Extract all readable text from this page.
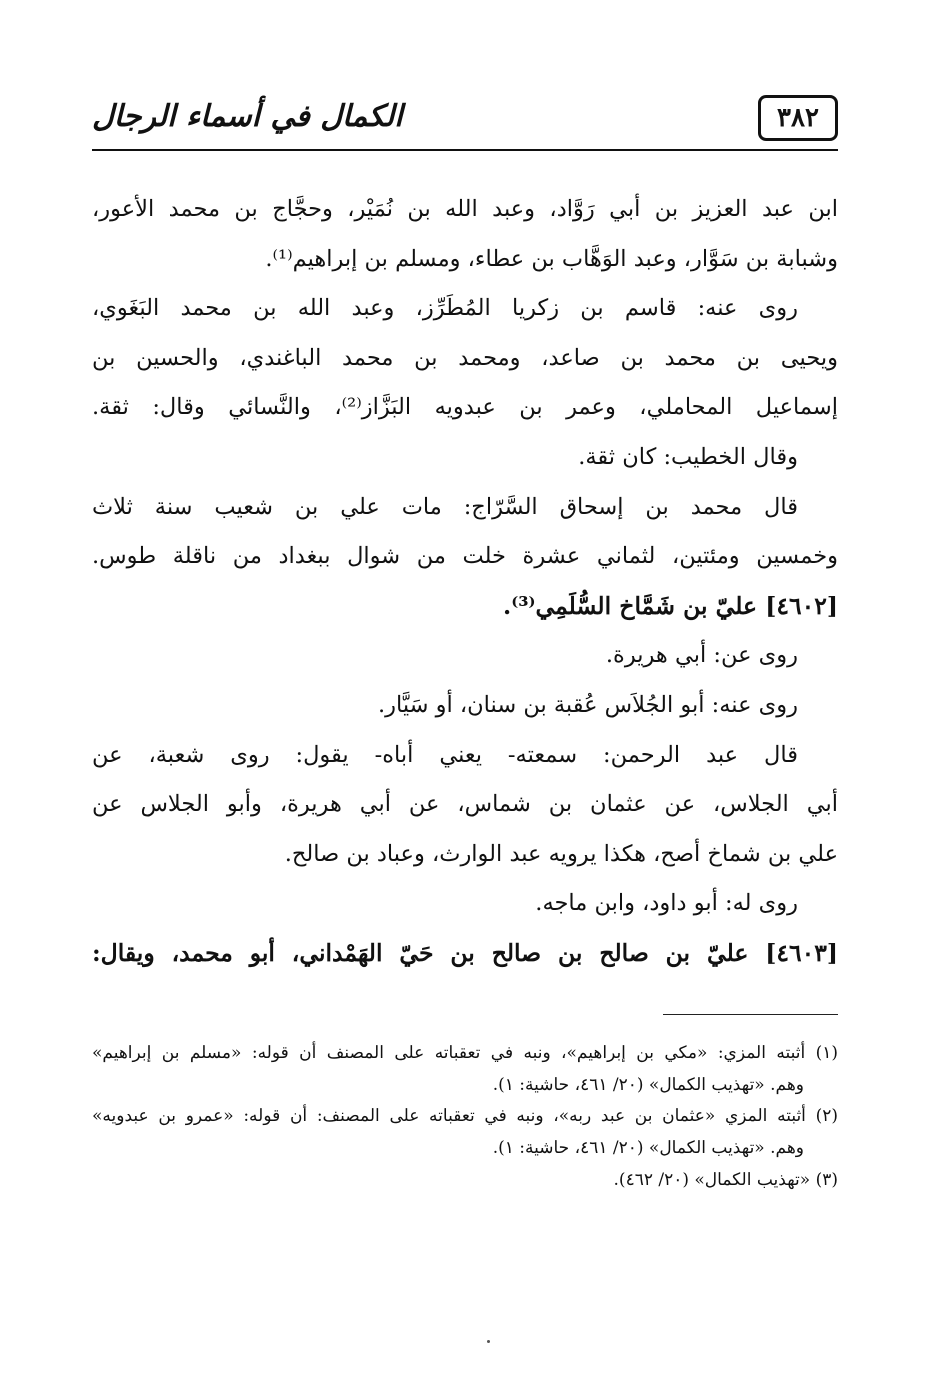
٣٨٢
الكمال في أسماء الرجال
ابن عبد العزيز بن أبي رَوَّاد، وعبد الله بن نُمَيْر، وحجَّاج بن محمد الأعور،
وشبابة بن سَوَّار، وعبد الوَهَّاب بن عطاء، ومسلم بن إبراهيم⁽¹⁾.
روى عنه: قاسم بن زكريا المُطَرِّز، وعبد الله بن محمد البَغَوي،
ويحيى بن محمد بن صاعد، ومحمد بن محمد الباغندي، والحسين بن
إسماعيل المحاملي، وعمر بن عبدويه البَزَّاز⁽²⁾، والنَّسائي وقال: ثقة.
وقال الخطيب: كان ثقة.
قال محمد بن إسحاق السَّرّاج: مات علي بن شعيب سنة ثلاث
وخمسين ومئتين، لثماني عشرة خلت من شوال ببغداد من ناقلة طوس.
[٤٦٠٢] عليّ بن شَمَّاخ السُّلَمِي⁽³⁾.
روى عن: أبي هريرة.
روى عنه: أبو الجُلاَس عُقبة بن سنان، أو سَيَّار.
قال عبد الرحمن: سمعته- يعني أباه- يقول: روى شعبة، عن
أبي الجلاس، عن عثمان بن شماس، عن أبي هريرة، وأبو الجلاس عن
علي بن شماخ أصح، هكذا يرويه عبد الوارث، وعباد بن صالح.
روى له: أبو داود، وابن ماجه.
[٤٦٠٣] عليّ بن صالح بن صالح بن حَيّ الهَمْداني، أبو محمد، ويقال:
(١) أثبته المزي: «مكي بن إبراهيم»، ونبه في تعقباته على المصنف أن قوله: «مسلم بن إبراهيم»
وهم. «تهذيب الكمال» (٢٠/ ٤٦١، حاشية: ١).
(٢) أثبته المزي «عثمان بن عبد ربه»، ونبه في تعقباته على المصنف: أن قوله: «عمرو بن عبدويه»
وهم. «تهذيب الكمال» (٢٠/ ٤٦١، حاشية: ١).
(٣) «تهذيب الكمال» (٢٠/ ٤٦٢).
